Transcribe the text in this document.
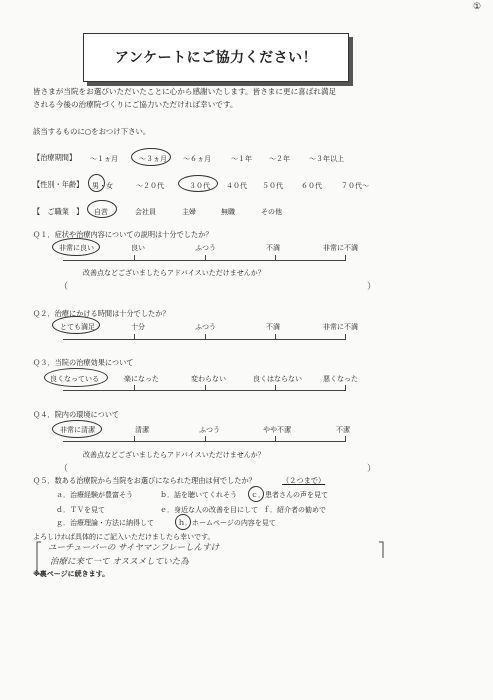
①
アンケートにご協力ください！
皆さまが当院をお選びいただいたことに心から感謝いたします。皆さまに更に喜ばれ満足
される今後の治療院づくりにご協力いただければ幸いです。
該当するものに○をおつけ下さい。
【治療期間】 ～１ヵ月	～３ヵ月 ～６ヵ月	～１年 ～２年	～３年以上
【性別・年齢】 男・女	～２０代	３０代 ４０代 ５０代	６０代	７０代～
【　ご職業　】 自営	会社員	主婦	無職	その他
Ｑ１．症状や治療内容についての説明は十分でしたか？
非常に良い	良い	ふつう	不満	非常に不満
改善点などございましたらアドバイスいただけませんか？
（	）
Ｑ２．治療にかける時間は十分でしたか？
とても満足	十分	ふつう	不満	非常に不満
Ｑ３．当院の治療効果について
良くなっている	楽になった	変わらない	良くはならない	悪くなった
Ｑ４．院内の環境について
非常に清潔	清潔	ふつう	やや不潔	不潔
改善点などございましたらアドバイスいただけませんか？
（	）
Ｑ５．数ある治療院から当院をお選びになられた理由は何でしたか？	（２つまで）
ａ．治療経験が豊富そう	ｂ．話を聴いてくれそう ｃ．患者さんの声を見て
ｄ．ＴＶを見て	ｅ．身近な人の改善を目にして ｆ．紹介者の勧めで
ｇ．治療理論・方法に納得して	ｈ．ホームページの内容を見て
よろしければ具体的にご記入いただけましたら幸いです。
ユーチューバーの サイヤマンフレーしんすけ
治療に来て一て オススメしていた為
※裏ページに続きます。
